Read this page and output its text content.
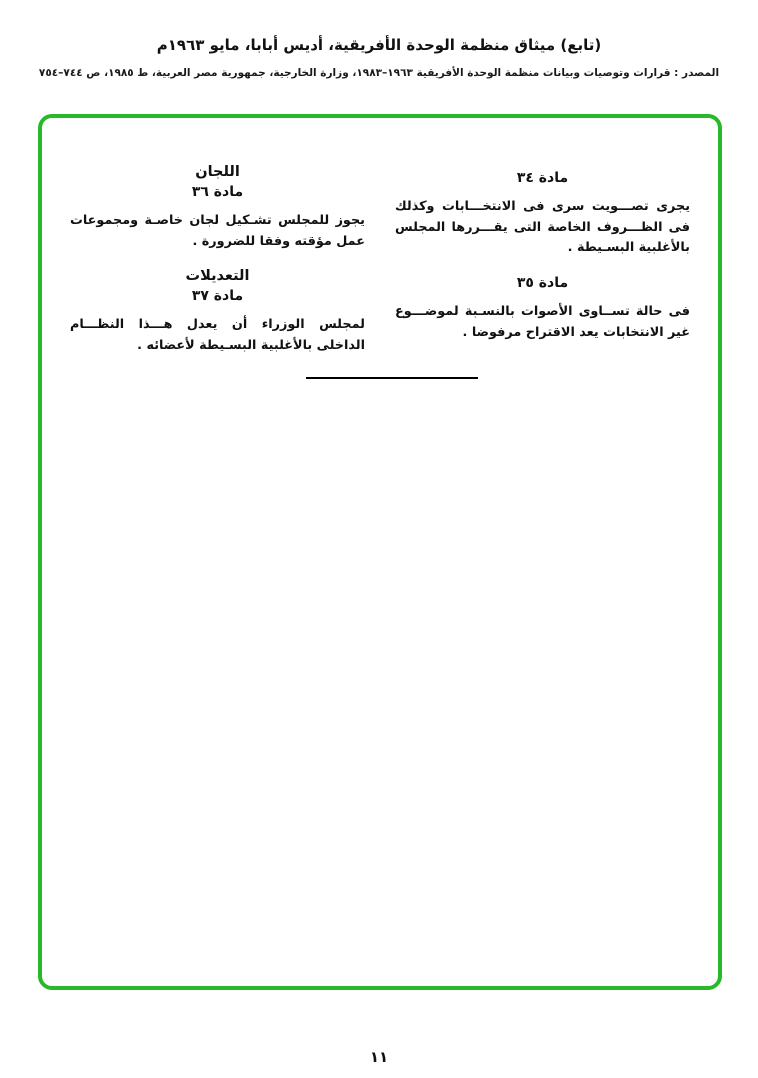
(تابع) ميثاق منظمة الوحدة الأفريقية، أديس أبابا، مايو ١٩٦٣م
المصدر : قرارات وتوصيات وبيانات منظمة الوحدة الأفريقية ١٩٦٣–١٩٨٣، وزارة الخارجية، جمهورية مصر العربية، ط ١٩٨٥، ص ٧٤٤–٧٥٤
مادة ٣٤

يجرى تصـــويت سرى فى الانتخـــابات وكذلك فى الظـــروف الخاصة التى يقـــررها المجلس بالأغلبية البسـيطة .

مادة ٣٥

فى حالة تســاوى الأصوات بالنسـبة لموضـــوع غير الانتخابات يعد الاقتراح مرفوضا .

اللجان
مادة ٣٦

يجوز للمجلس تشـكيل لجان خاصـة ومجموعات عمل مؤقته وفقا للضرورة .

التعديلات
مادة ٣٧

لمجلس الوزراء أن يعدل هـــذا النظـــام الداخلى بالأغلبية البسـيطة لأعضائه .

١١
